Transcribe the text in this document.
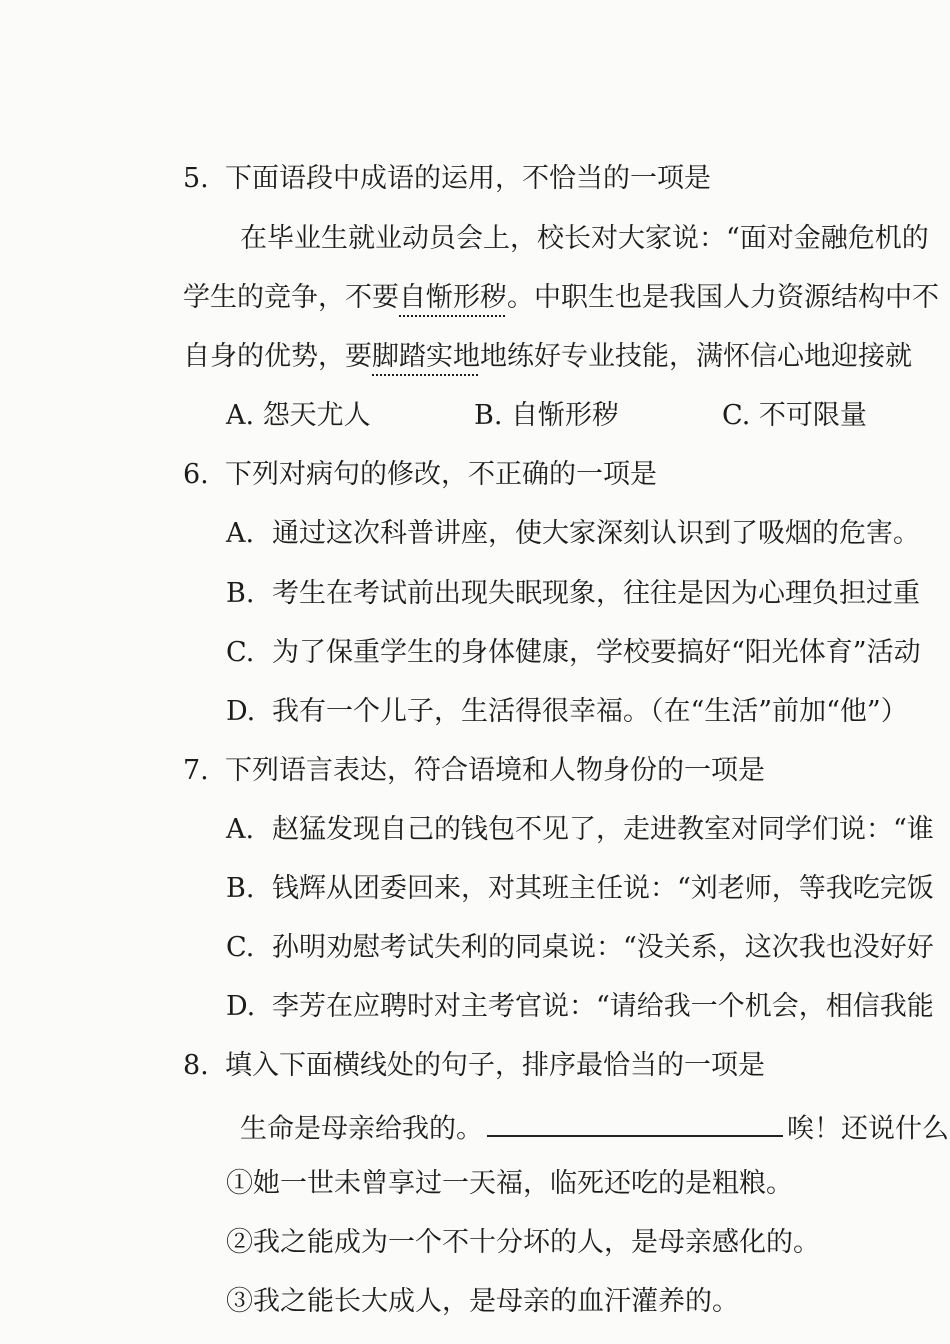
5. 下面语段中成语的运用，不恰当的一项是
在毕业生就业动员会上，校长对大家说：“面对金融危机的
学生的竞争，不要自惭形秽。中职生也是我国人力资源结构中不
自身的优势，要脚踏实地地练好专业技能，满怀信心地迎接就
A. 怨天尤人	B. 自惭形秽	C. 不可限量
6. 下列对病句的修改，不正确的一项是
A. 通过这次科普讲座，使大家深刻认识到了吸烟的危害。
B. 考生在考试前出现失眠现象，往往是因为心理负担过重
C. 为了保重学生的身体健康，学校要搞好“阳光体育”活动
D. 我有一个儿子，生活得很幸福。（在“生活”前加“他”）
7. 下列语言表达，符合语境和人物身份的一项是
A. 赵猛发现自己的钱包不见了，走进教室对同学们说：“谁
B. 钱辉从团委回来，对其班主任说：“刘老师，等我吃完饭
C. 孙明劝慰考试失利的同桌说：“没关系，这次我也没好好
D. 李芳在应聘时对主考官说：“请给我一个机会，相信我能
8. 填入下面横线处的句子，排序最恰当的一项是
生命是母亲给我的。	唉！还说什么
①她一世未曾享过一天福，临死还吃的是粗粮。
②我之能成为一个不十分坏的人，是母亲感化的。
③我之能长大成人，是母亲的血汗灌养的。
